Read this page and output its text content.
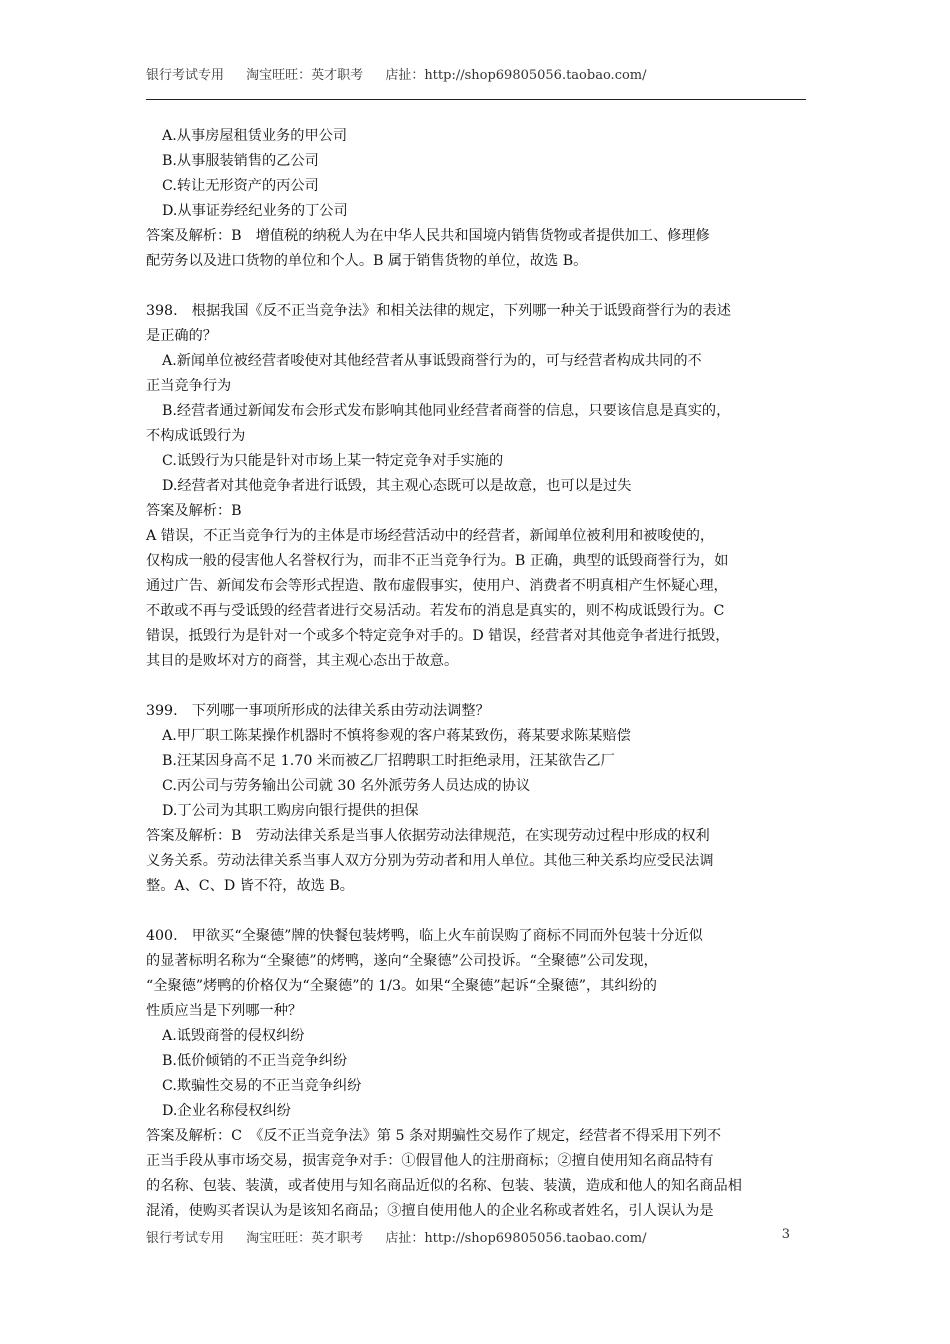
银行考试专用 淘宝旺旺：英才职考 店扯：http://shop69805056.taobao.com/
A.从事房屋租赁业务的甲公司
B.从事服装销售的乙公司
C.转让无形资产的丙公司
D.从事证券经纪业务的丁公司
答案及解析：B　增值税的纳税人为在中华人民共和国境内销售货物或者提供加工、修理修
配劳务以及进口货物的单位和个人。B 属于销售货物的单位，故选 B。
398.　根据我国《反不正当竞争法》和相关法律的规定，下列哪一种关于诋毁商誉行为的表述
是正确的？
A.新闻单位被经营者唆使对其他经营者从事诋毁商誉行为的，可与经营者构成共同的不
正当竞争行为
B.经营者通过新闻发布会形式发布影响其他同业经营者商誉的信息，只要该信息是真实的，
不构成诋毁行为
C.诋毁行为只能是针对市场上某一特定竞争对手实施的
D.经营者对其他竞争者进行诋毁，其主观心态既可以是故意，也可以是过失
答案及解析：B
A 错误，不正当竞争行为的主体是市场经营活动中的经营者，新闻单位被利用和被唆使的，
仅构成一般的侵害他人名誉权行为，而非不正当竞争行为。B 正确，典型的诋毁商誉行为，如
通过广告、新闻发布会等形式捏造、散布虚假事实，使用户、消费者不明真相产生怀疑心理，
不敢或不再与受诋毁的经营者进行交易活动。若发布的消息是真实的，则不构成诋毁行为。C
错误，抵毁行为是针对一个或多个特定竞争对手的。D 错误，经营者对其他竞争者进行抵毁，
其目的是败坏对方的商誉，其主观心态出于故意。
399.　下列哪一事项所形成的法律关系由劳动法调整？
A.甲厂职工陈某操作机器时不慎将参观的客户蒋某致伤，蒋某要求陈某赔偿
B.汪某因身高不足 1.70 米而被乙厂招聘职工时拒绝录用，汪某欲告乙厂
C.丙公司与劳务输出公司就 30 名外派劳务人员达成的协议
D.丁公司为其职工购房向银行提供的担保
答案及解析：B　劳动法律关系是当事人依据劳动法律规范，在实现劳动过程中形成的权利
义务关系。劳动法律关系当事人双方分别为劳动者和用人单位。其他三种关系均应受民法调
整。A、C、D 皆不符，故选 B。
400.　甲欲买“全聚德”牌的快餐包装烤鸭，临上火车前误购了商标不同而外包装十分近似
的显著标明名称为“全聚德”的烤鸭，遂向“全聚德”公司投诉。“全聚德”公司发现，
“全聚德”烤鸭的价格仅为“全聚德”的 1/3。如果“全聚德”起诉“全聚德”，其纠纷的
性质应当是下列哪一种？
A.诋毁商誉的侵权纠纷
B.低价倾销的不正当竞争纠纷
C.欺骗性交易的不正当竞争纠纷
D.企业名称侵权纠纷
答案及解析：C　《反不正当竞争法》第 5 条对期骗性交易作了规定，经营者不得采用下列不
正当手段从事市场交易，损害竞争对手：①假冒他人的注册商标；②擅自使用知名商品特有
的名称、包装、装潢，或者使用与知名商品近似的名称、包装、装潢，造成和他人的知名商品相
混淆，使购买者误认为是该知名商品；③擅自使用他人的企业名称或者姓名，引人误认为是
银行考试专用 淘宝旺旺：英才职考 店扯：http://shop69805056.taobao.com/	3
